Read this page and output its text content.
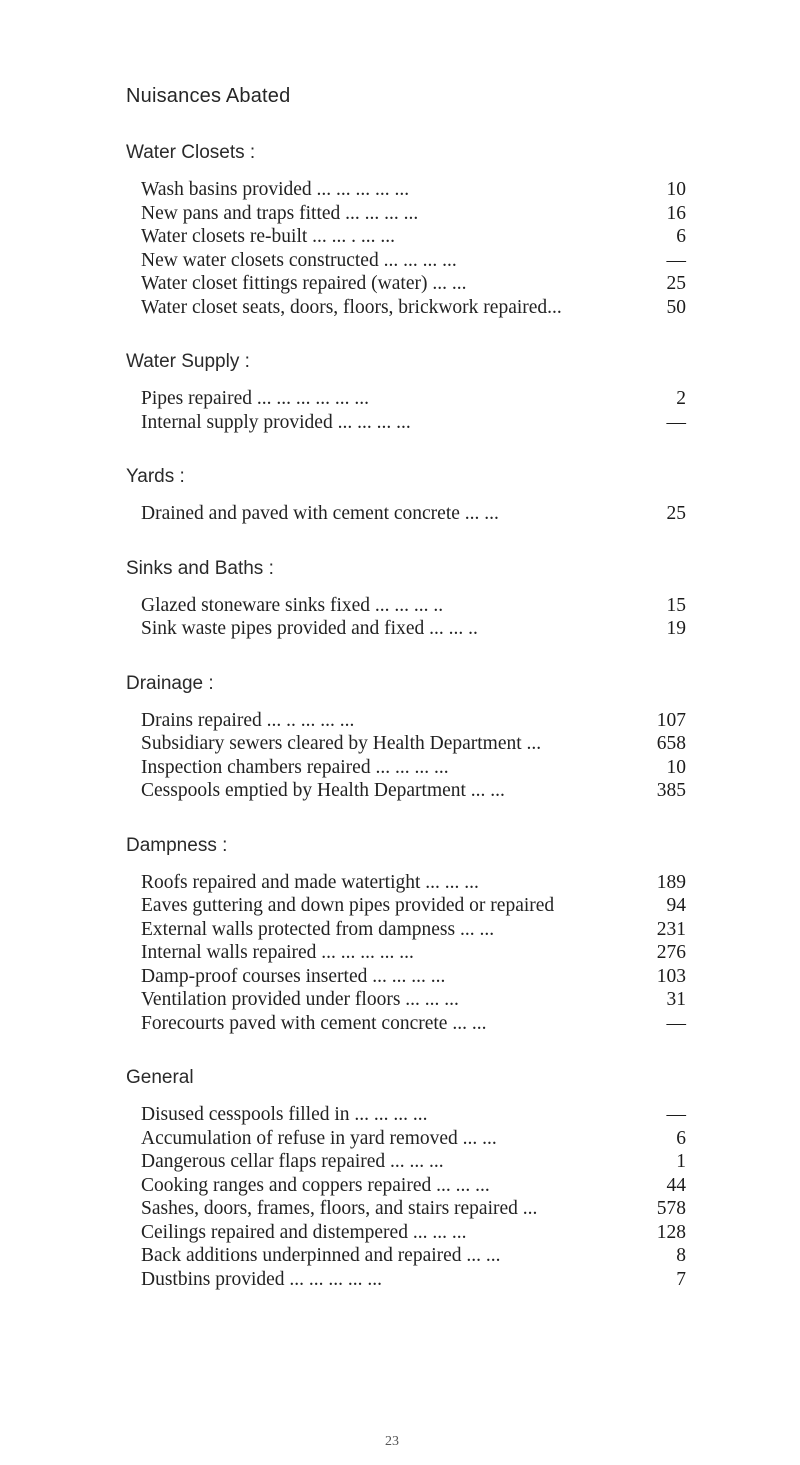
Nuisances Abated
Water Closets :
Wash basins provided ... ... ... ... ...	10
New pans and traps fitted ... ... ... ...	16
Water closets re-built ... ... . ... ...	6
New water closets constructed ... ... ... ...	—
Water closet fittings repaired (water) ... ...	25
Water closet seats, doors, floors, brickwork repaired...	50
Water Supply :
Pipes repaired ... ... ... ... ... ...	2
Internal supply provided ... ... ... ...	—
Yards :
Drained and paved with cement concrete ... ...	25
Sinks and Baths :
Glazed stoneware sinks fixed ... ... ... ..	15
Sink waste pipes provided and fixed ... ... ..	19
Drainage :
Drains repaired ... .. ... ... ...	107
Subsidiary sewers cleared by Health Department ...	658
Inspection chambers repaired ... ... ... ...	10
Cesspools emptied by Health Department ... ...	385
Dampness :
Roofs repaired and made watertight ... ... ...	189
Eaves guttering and down pipes provided or repaired	94
External walls protected from dampness ... ...	231
Internal walls repaired ... ... ... ... ...	276
Damp-proof courses inserted ... ... ... ...	103
Ventilation provided under floors ... ... ...	31
Forecourts paved with cement concrete ... ...	—
General
Disused cesspools filled in ... ... ... ...	—
Accumulation of refuse in yard removed ... ...	6
Dangerous cellar flaps repaired ... ... ...	1
Cooking ranges and coppers repaired ... ... ...	44
Sashes, doors, frames, floors, and stairs repaired ...	578
Ceilings repaired and distempered ... ... ...	128
Back additions underpinned and repaired ... ...	8
Dustbins provided ... ... ... ... ...	7
23
